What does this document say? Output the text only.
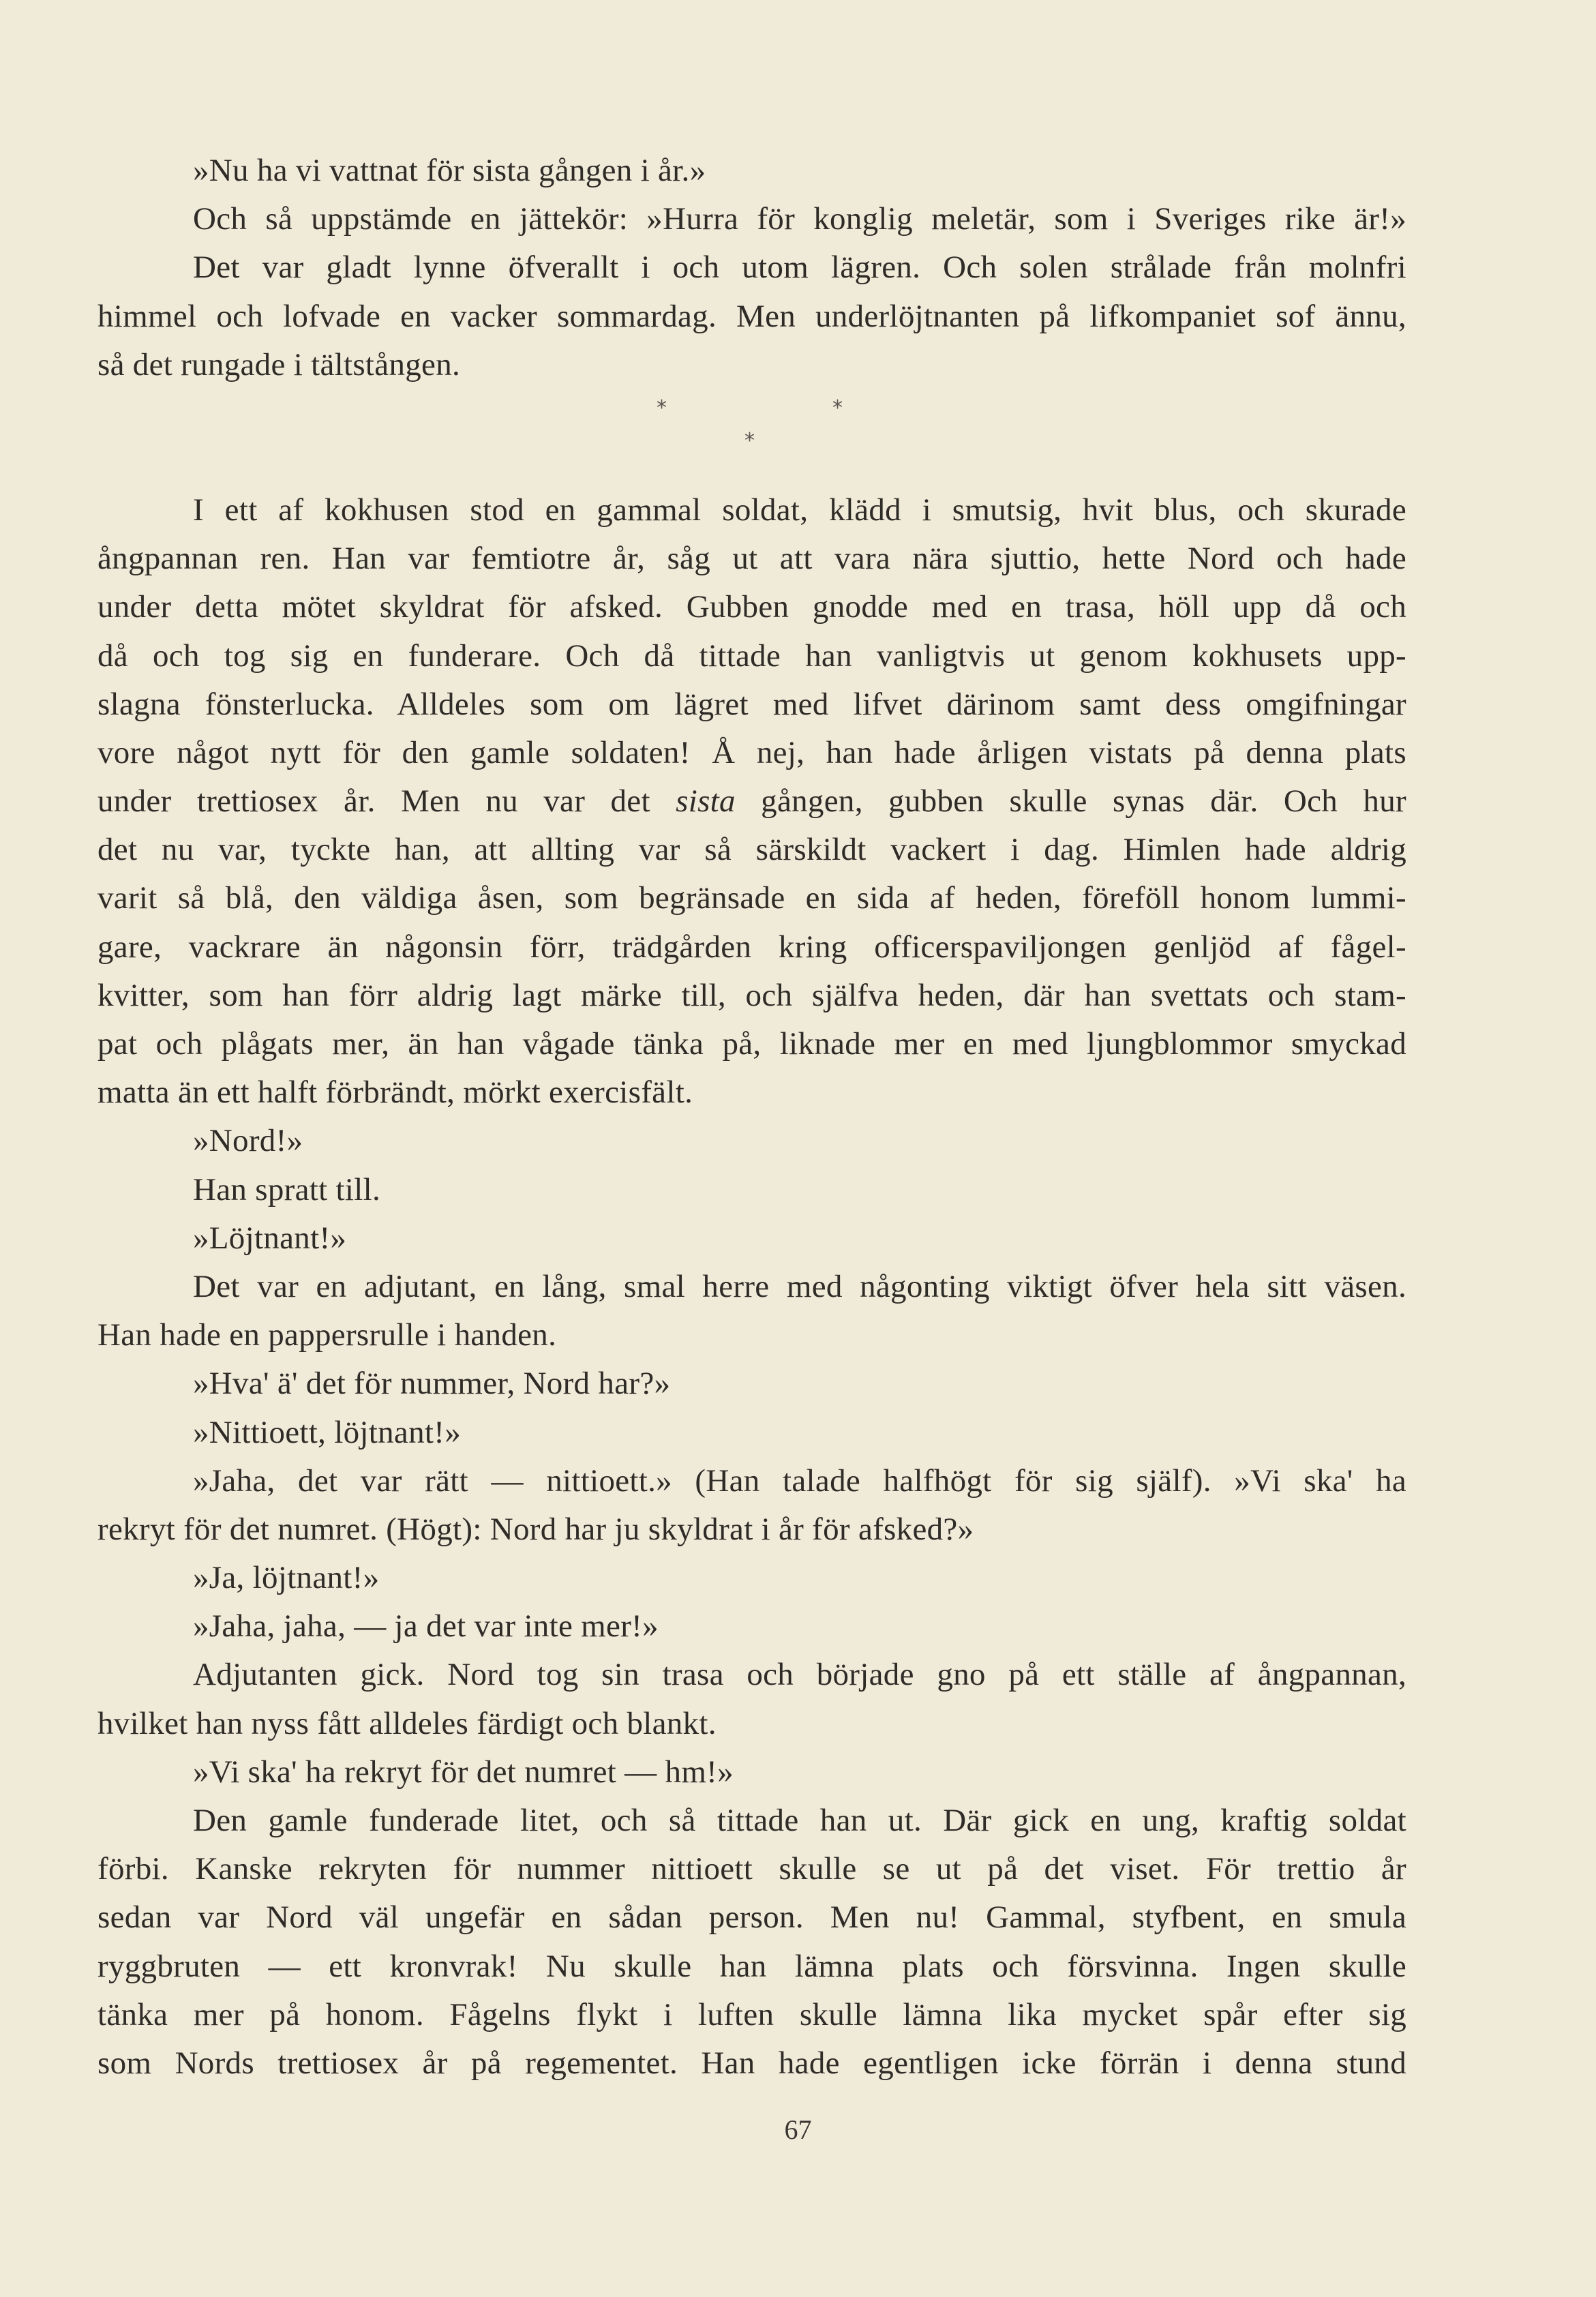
»Nu ha vi vattnat för sista gången i år.»
Och så uppstämde en jättekör: »Hurra för konglig meletär, som i Sveriges rike är!»
Det var gladt lynne öfverallt i och utom lägren. Och solen strålade från molnfri
himmel och lofvade en vacker sommardag. Men underlöjtnanten på lifkompaniet sof ännu,
så det rungade i tältstången.
*	*
*
I ett af kokhusen stod en gammal soldat, klädd i smutsig, hvit blus, och skurade
ångpannan ren. Han var femtiotre år, såg ut att vara nära sjuttio, hette Nord och hade
under detta mötet skyldrat för afsked. Gubben gnodde med en trasa, höll upp då och
då och tog sig en funderare. Och då tittade han vanligtvis ut genom kokhusets upp-
slagna fönsterlucka. Alldeles som om lägret med lifvet därinom samt dess omgifningar
vore något nytt för den gamle soldaten! Å nej, han hade årligen vistats på denna plats
under trettiosex år. Men nu var det sista gången, gubben skulle synas där. Och hur
det nu var, tyckte han, att allting var så särskildt vackert i dag. Himlen hade aldrig
varit så blå, den väldiga åsen, som begränsade en sida af heden, föreföll honom lummi-
gare, vackrare än någonsin förr, trädgården kring officerspaviljongen genljöd af fågel-
kvitter, som han förr aldrig lagt märke till, och själfva heden, där han svettats och stam-
pat och plågats mer, än han vågade tänka på, liknade mer en med ljungblommor smyckad
matta än ett halft förbrändt, mörkt exercisfält.
»Nord!»
Han spratt till.
»Löjtnant!»
Det var en adjutant, en lång, smal herre med någonting viktigt öfver hela sitt väsen.
Han hade en pappersrulle i handen.
»Hva' ä' det för nummer, Nord har?»
»Nittioett, löjtnant!»
»Jaha, det var rätt — nittioett.» (Han talade halfhögt för sig själf). »Vi ska' ha
rekryt för det numret. (Högt): Nord har ju skyldrat i år för afsked?»
»Ja, löjtnant!»
»Jaha, jaha, — ja det var inte mer!»
Adjutanten gick. Nord tog sin trasa och började gno på ett ställe af ångpannan,
hvilket han nyss fått alldeles färdigt och blankt.
»Vi ska' ha rekryt för det numret — hm!»
Den gamle funderade litet, och så tittade han ut. Där gick en ung, kraftig soldat
förbi. Kanske rekryten för nummer nittioett skulle se ut på det viset. För trettio år
sedan var Nord väl ungefär en sådan person. Men nu! Gammal, styfbent, en smula
ryggbruten — ett kronvrak! Nu skulle han lämna plats och försvinna. Ingen skulle
tänka mer på honom. Fågelns flykt i luften skulle lämna lika mycket spår efter sig
som Nords trettiosex år på regementet. Han hade egentligen icke förrän i denna stund
67
